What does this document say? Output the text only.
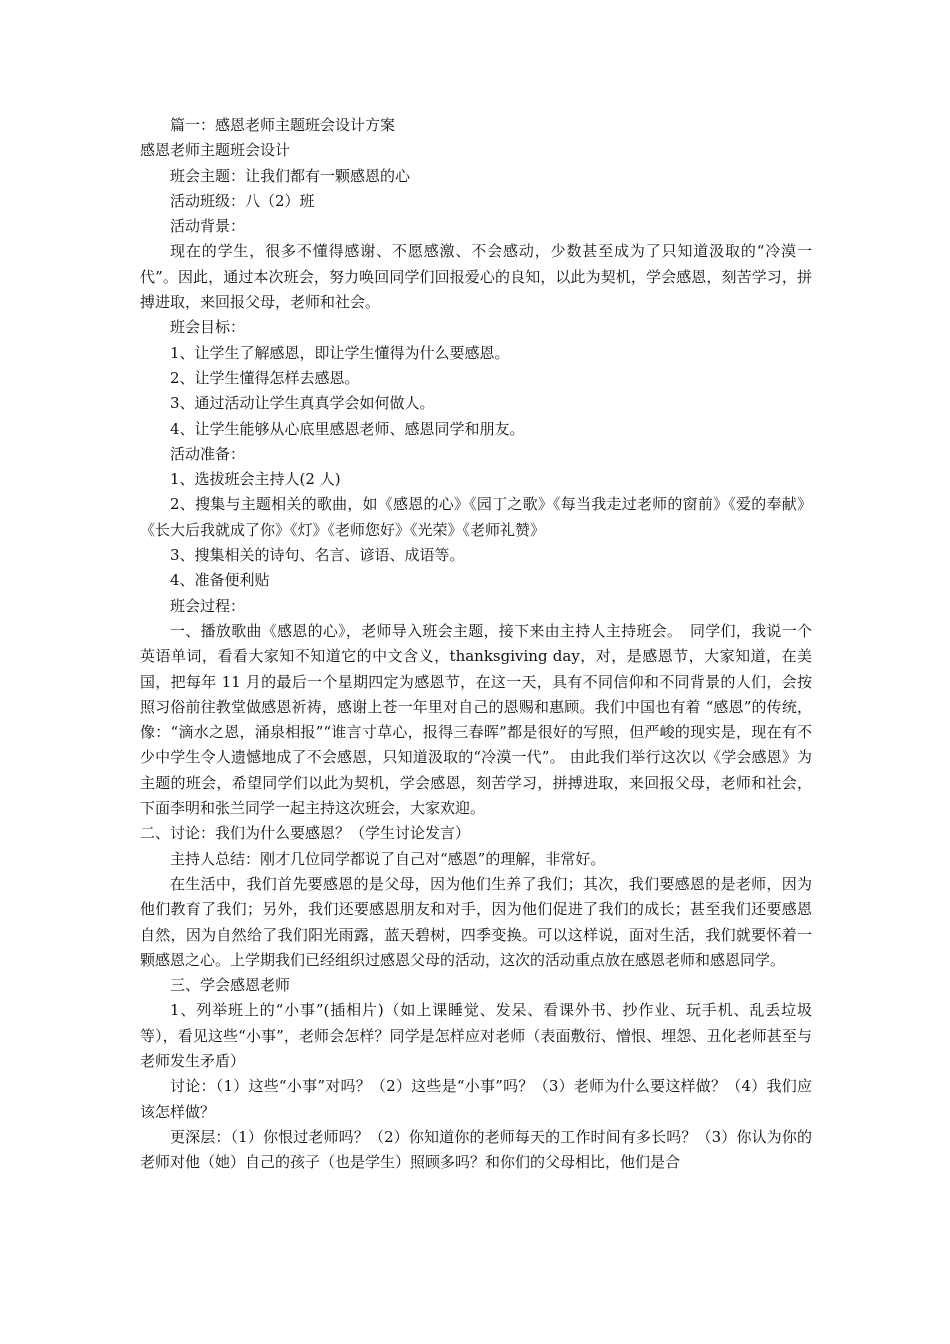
篇一：感恩老师主题班会设计方案
感恩老师主题班会设计
班会主题：让我们都有一颗感恩的心
活动班级：八（2）班
活动背景：
现在的学生，很多不懂得感谢、不愿感激、不会感动，少数甚至成为了只知道汲取的“冷漠一代”。因此，通过本次班会，努力唤回同学们回报爱心的良知，以此为契机，学会感恩，刻苦学习，拼搏进取，来回报父母，老师和社会。
班会目标：
1、让学生了解感恩，即让学生懂得为什么要感恩。
2、让学生懂得怎样去感恩。
3、通过活动让学生真真学会如何做人。
4、让学生能够从心底里感恩老师、感恩同学和朋友。
活动准备：
1、选拔班会主持人(2 人)
2、搜集与主题相关的歌曲，如《感恩的心》《园丁之歌》《每当我走过老师的窗前》《爱的奉献》《长大后我就成了你》《灯》《老师您好》《光荣》《老师礼赞》
3、搜集相关的诗句、名言、谚语、成语等。
4、准备便利贴
班会过程：
一、播放歌曲《感恩的心》，老师导入班会主题，接下来由主持人主持班会。　同学们，我说一个英语单词，看看大家知不知道它的中文含义，thanksgiving day，对，是感恩节，大家知道，在美国，把每年 11 月的最后一个星期四定为感恩节，在这一天，具有不同信仰和不同背景的人们，会按照习俗前往教堂做感恩祈祷，感谢上苍一年里对自己的恩赐和惠顾。我们中国也有着 “感恩”的传统，像：“滴水之恩，涌泉相报”“谁言寸草心，报得三春晖”都是很好的写照，但严峻的现实是，现在有不少中学生令人遗憾地成了不会感恩，只知道汲取的“冷漠一代”。 由此我们举行这次以《学会感恩》为主题的班会，希望同学们以此为契机，学会感恩，刻苦学习，拼搏进取，来回报父母，老师和社会，下面李明和张兰同学一起主持这次班会，大家欢迎。
二、讨论：我们为什么要感恩？（学生讨论发言）
主持人总结：刚才几位同学都说了自己对“感恩”的理解，非常好。
在生活中，我们首先要感恩的是父母，因为他们生养了我们；其次，我们要感恩的是老师，因为他们教育了我们；另外，我们还要感恩朋友和对手，因为他们促进了我们的成长；甚至我们还要感恩自然，因为自然给了我们阳光雨露，蓝天碧树，四季变换。可以这样说，面对生活，我们就要怀着一颗感恩之心。上学期我们已经组织过感恩父母的活动，这次的活动重点放在感恩老师和感恩同学。
三、学会感恩老师
1、列举班上的“小事”(插相片)（如上课睡觉、发呆、看课外书、抄作业、玩手机、乱丢垃圾等），看见这些“小事”，老师会怎样？同学是怎样应对老师（表面敷衍、憎恨、埋怨、丑化老师甚至与老师发生矛盾）
讨论：（1）这些“小事”对吗？（2）这些是“小事”吗？（3）老师为什么要这样做？（4）我们应该怎样做？
更深层：（1）你恨过老师吗？（2）你知道你的老师每天的工作时间有多长吗？（3）你认为你的老师对他（她）自己的孩子（也是学生）照顾多吗？和你们的父母相比，他们是合
